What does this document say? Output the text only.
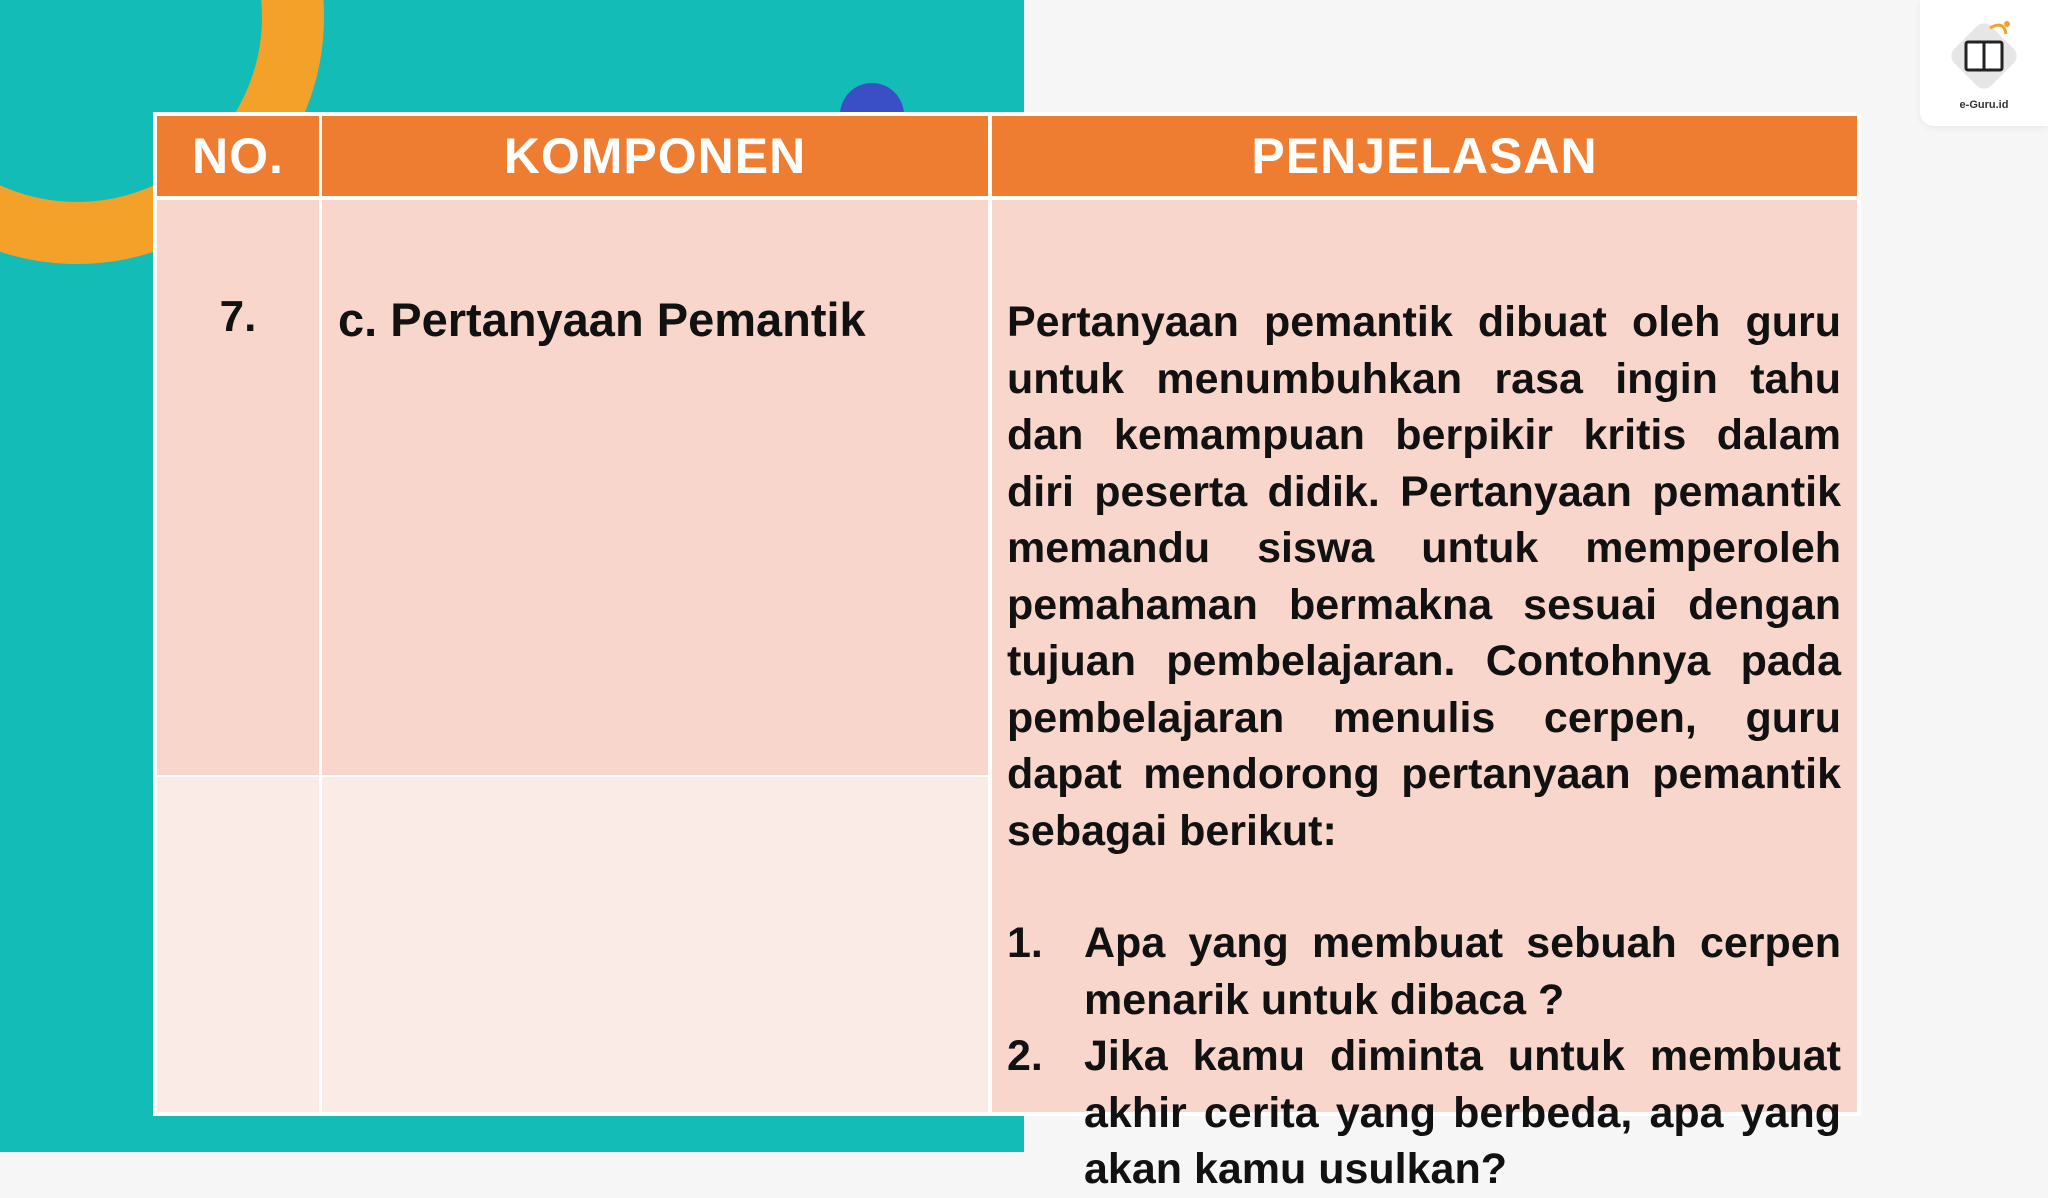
e-Guru.id
NO.	KOMPONEN	PENJELASAN
7.	c. Pertanyaan Pemantik	Pertanyaan pemantik dibuat oleh guru untuk menumbuhkan rasa ingin tahu dan kemampuan berpikir kritis dalam diri peserta didik. Pertanyaan pemantik memandu siswa untuk memperoleh pemahaman bermakna sesuai dengan tujuan pembelajaran. Contohnya pada pembelajaran menulis cerpen, guru dapat mendorong pertanyaan pemantik sebagai berikut:

1. Apa yang membuat sebuah cerpen menarik untuk dibaca ?
2. Jika kamu diminta untuk membuat akhir cerita yang berbeda, apa yang akan kamu usulkan?
